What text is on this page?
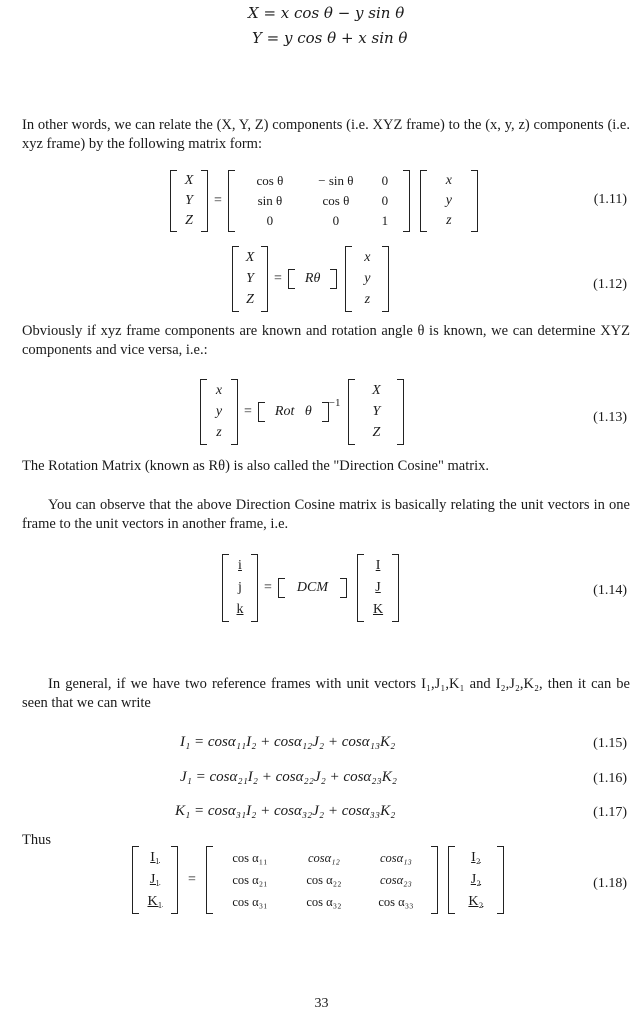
X = x cos θ − y sin θ
Y = y cos θ + x sin θ
In other words, we can relate the (X, Y, Z) components (i.e. XYZ frame) to the (x, y, z) components (i.e. xyz frame) by the following matrix form:
X
Y
Z
=
cos θ	− sin θ	0
sin θ	cos θ	0
0	0	1
x
y
z
(1.11)
X
Y
Z
=	Rθ
x
y
z
(1.12)
Obviously if xyz frame components are known and rotation angle θ is known, we can determine XYZ components and vice versa, i.e.:
x
y
z
=	Rot   θ
$^{-1}$
X
Y
Z
(1.13)
The Rotation Matrix (known as Rθ) is also called the "Direction Cosine" matrix.
You can observe that the above Direction Cosine matrix is basically relating the unit vectors in one frame to the unit vectors in another frame, i.e.
i
j
k
=	DCM
I
J
K
(1.14)
In general, if we have two reference frames with unit vectors I₁,J₁,K₁ and I₂,J₂,K₂, then it can be seen that we can write
I₁ = cosα₁₁I₂ + cosα₁₂J₂ + cosα₁₃K₂	(1.15)
J₁ = cosα₂₁I₂ + cosα₂₂J₂ + cosα₂₃K₂	(1.16)
K₁ = cosα₃₁I₂ + cosα₃₂J₂ + cosα₃₃K₂	(1.17)
Thus
I₁
J₁
K₁
=
cos α₁₁	cosα₁₂	cosα₁₃
cos α₂₁	cos α₂₂	cosα₂₃
cos α₃₁	cos α₃₂	cos α₃₃
I₂
J₂
K₂
(1.18)
33
